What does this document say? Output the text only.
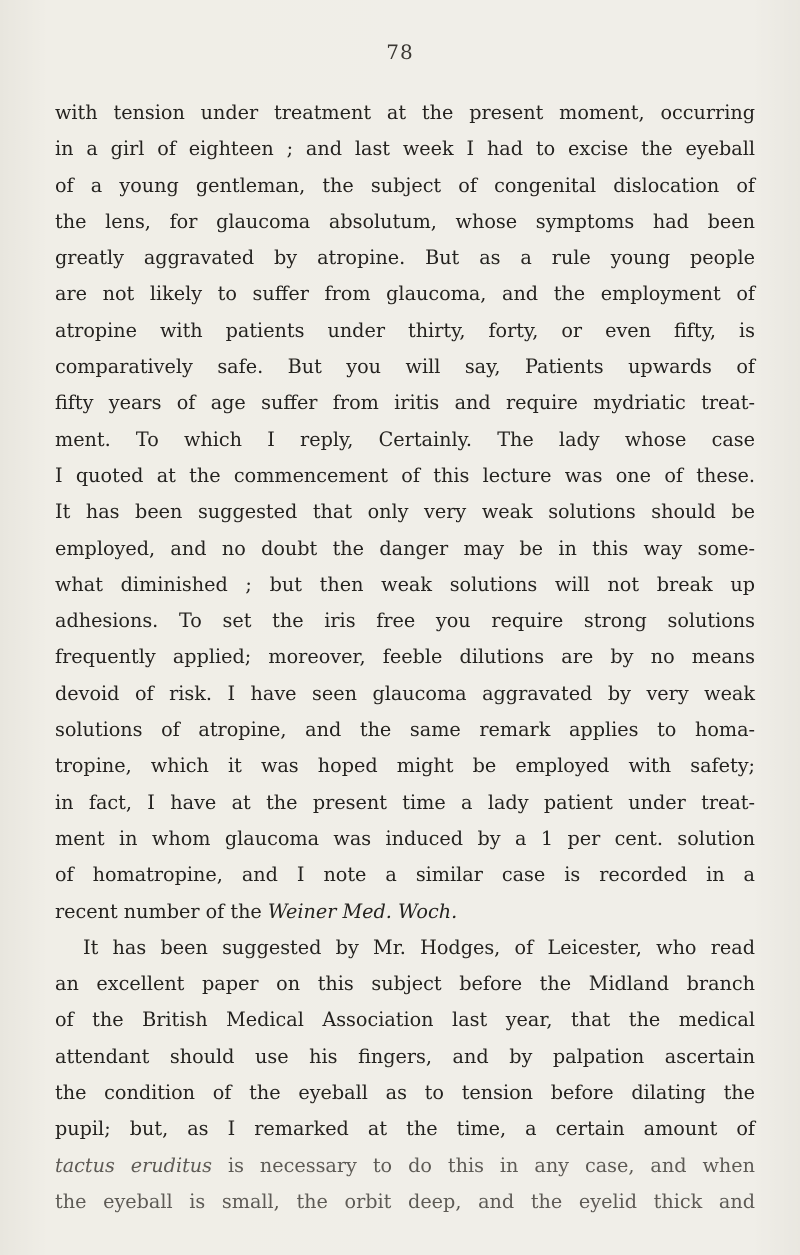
78
with tension under treatment at the present moment, occurring
in a girl of eighteen ; and last week I had to excise the eyeball
of a young gentleman, the subject of congenital dislocation of
the lens, for glaucoma absolutum, whose symptoms had been
greatly aggravated by atropine. But as a rule young people
are not likely to suffer from glaucoma, and the employment of
atropine with patients under thirty, forty, or even fifty, is
comparatively safe. But you will say, Patients upwards of
fifty years of age suffer from iritis and require mydriatic treat-
ment. To which I reply, Certainly. The lady whose case
I quoted at the commencement of this lecture was one of these.
It has been suggested that only very weak solutions should be
employed, and no doubt the danger may be in this way some-
what diminished ; but then weak solutions will not break up
adhesions. To set the iris free you require strong solutions
frequently applied; moreover, feeble dilutions are by no means
devoid of risk. I have seen glaucoma aggravated by very weak
solutions of atropine, and the same remark applies to homa-
tropine, which it was hoped might be employed with safety;
in fact, I have at the present time a lady patient under treat-
ment in whom glaucoma was induced by a 1 per cent. solution
of homatropine, and I note a similar case is recorded in a
recent number of the Weiner Med. Woch.
It has been suggested by Mr. Hodges, of Leicester, who read
an excellent paper on this subject before the Midland branch
of the British Medical Association last year, that the medical
attendant should use his fingers, and by palpation ascertain
the condition of the eyeball as to tension before dilating the
pupil; but, as I remarked at the time, a certain amount of
tactus eruditus is necessary to do this in any case, and when
the eyeball is small, the orbit deep, and the eyelid thick and
